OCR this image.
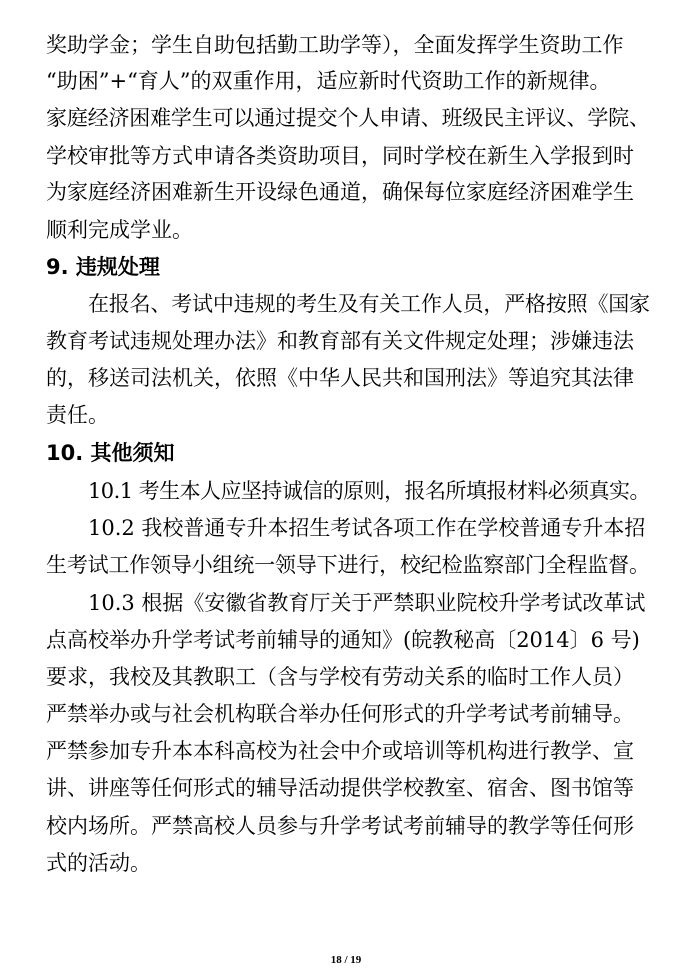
奖助学金；学生自助包括勤工助学等），全面发挥学生资助工作
“助困”+“育人”的双重作用，适应新时代资助工作的新规律。
家庭经济困难学生可以通过提交个人申请、班级民主评议、学院、
学校审批等方式申请各类资助项目，同时学校在新生入学报到时
为家庭经济困难新生开设绿色通道，确保每位家庭经济困难学生
顺利完成学业。
9. 违规处理
在报名、考试中违规的考生及有关工作人员，严格按照《国家
教育考试违规处理办法》和教育部有关文件规定处理；涉嫌违法
的，移送司法机关，依照《中华人民共和国刑法》等追究其法律
责任。
10. 其他须知
10.1 考生本人应坚持诚信的原则，报名所填报材料必须真实。
10.2 我校普通专升本招生考试各项工作在学校普通专升本招
生考试工作领导小组统一领导下进行，校纪检监察部门全程监督。
10.3 根据《安徽省教育厅关于严禁职业院校升学考试改革试
点高校举办升学考试考前辅导的通知》(皖教秘高〔2014〕6 号)
要求，我校及其教职工（含与学校有劳动关系的临时工作人员）
严禁举办或与社会机构联合举办任何形式的升学考试考前辅导。
严禁参加专升本本科高校为社会中介或培训等机构进行教学、宣
讲、讲座等任何形式的辅导活动提供学校教室、宿舍、图书馆等
校内场所。严禁高校人员参与升学考试考前辅导的教学等任何形
式的活动。
18 / 19
